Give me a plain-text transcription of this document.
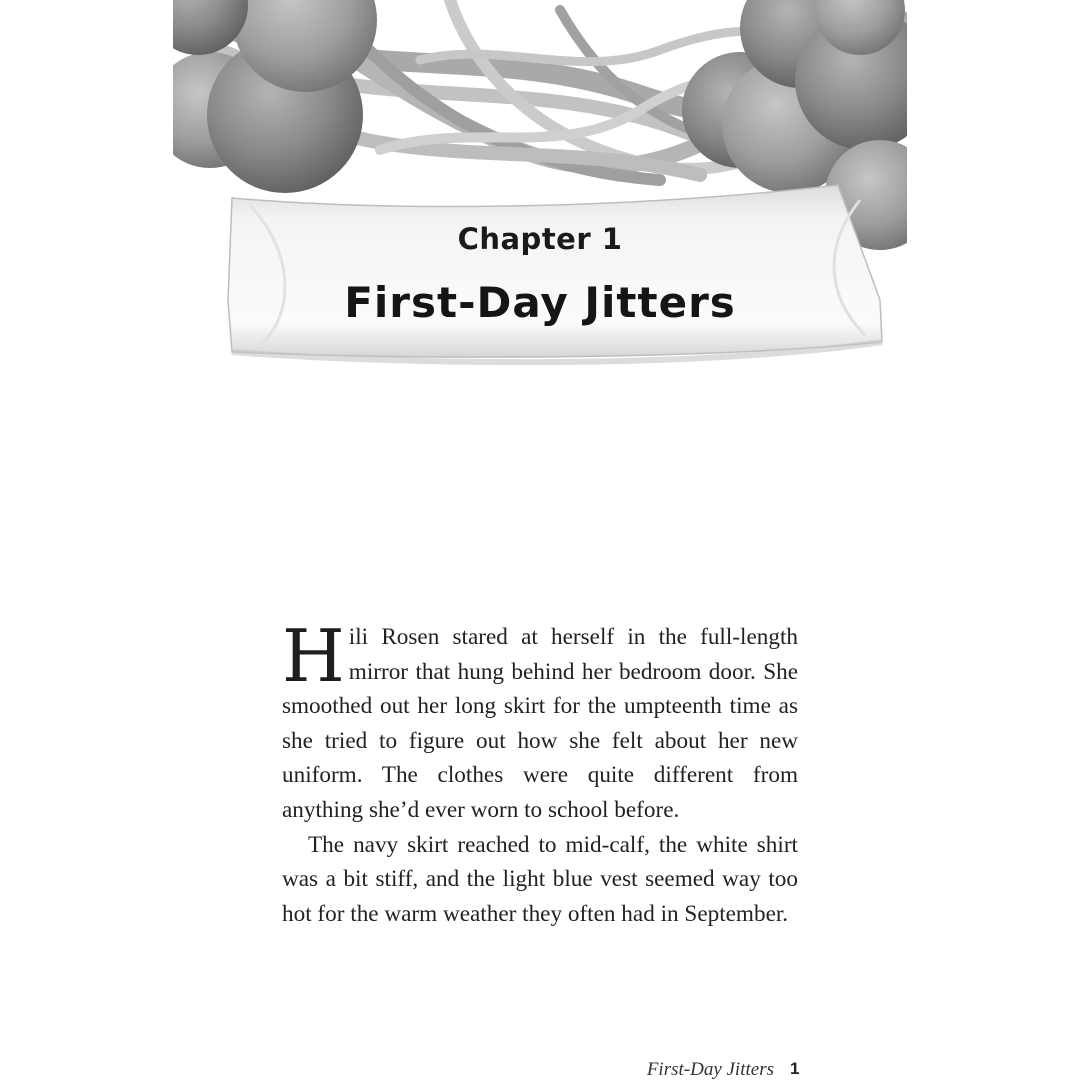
Chapter 1
First-Day Jitters

H ili Rosen stared at herself in the full-length mirror that hung behind her bedroom door. She smoothed out her long skirt for the umpteenth time as she tried to figure out how she felt about her new uniform. The clothes were quite different from anything she’d ever worn to school before.

The navy skirt reached to mid-calf, the white shirt was a bit stiff, and the light blue vest seemed way too hot for the warm weather they often had in September.

First-Day Jitters 1
